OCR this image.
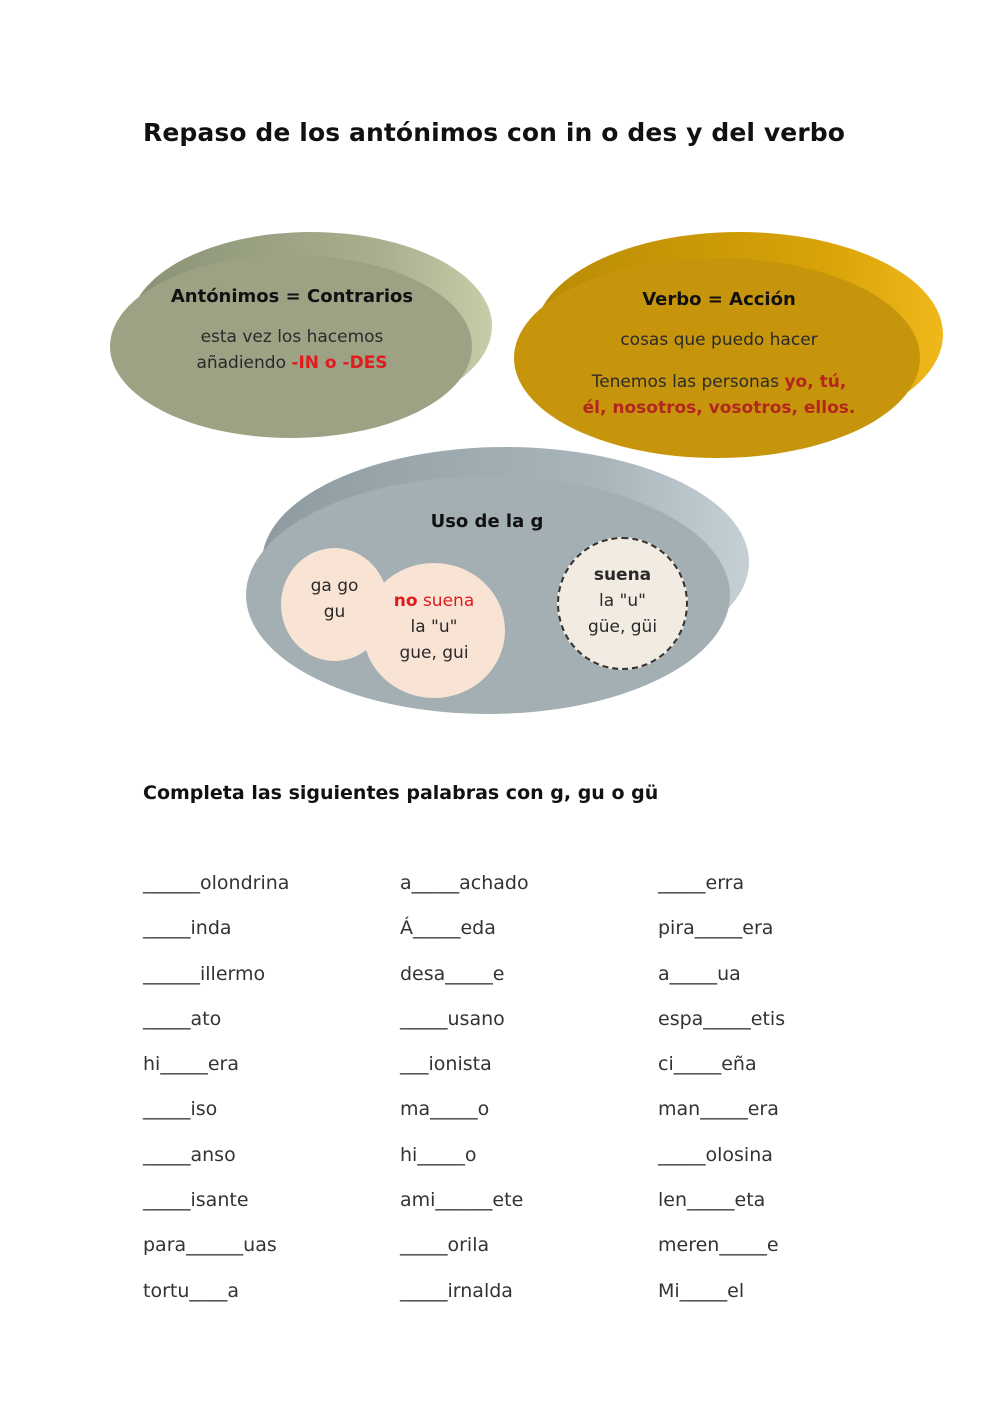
Repaso de los antónimos con in o des y del verbo
Antónimos = Contrarios
esta vez los hacemos
añadiendo -IN o -DES
Verbo = Acción
cosas que puedo hacer
Tenemos las personas yo, tú,
él, nosotros, vosotros, ellos.
Uso de la g
ga go
gu
no suena
la "u"
gue, gui
suena
la "u"
güe, güi
Completa las siguientes palabras con g, gu o gü
______olondrina
_____inda
______illermo
_____ato
hi_____era
_____iso
_____anso
_____isante
para______uas
tortu____a
a_____achado
Á_____eda
desa_____e
_____usano
___ionista
ma_____o
hi_____o
ami______ete
_____orila
_____irnalda
_____erra
pira_____era
a_____ua
espa_____etis
ci_____eña
man_____era
_____olosina
len_____eta
meren_____e
Mi_____el
